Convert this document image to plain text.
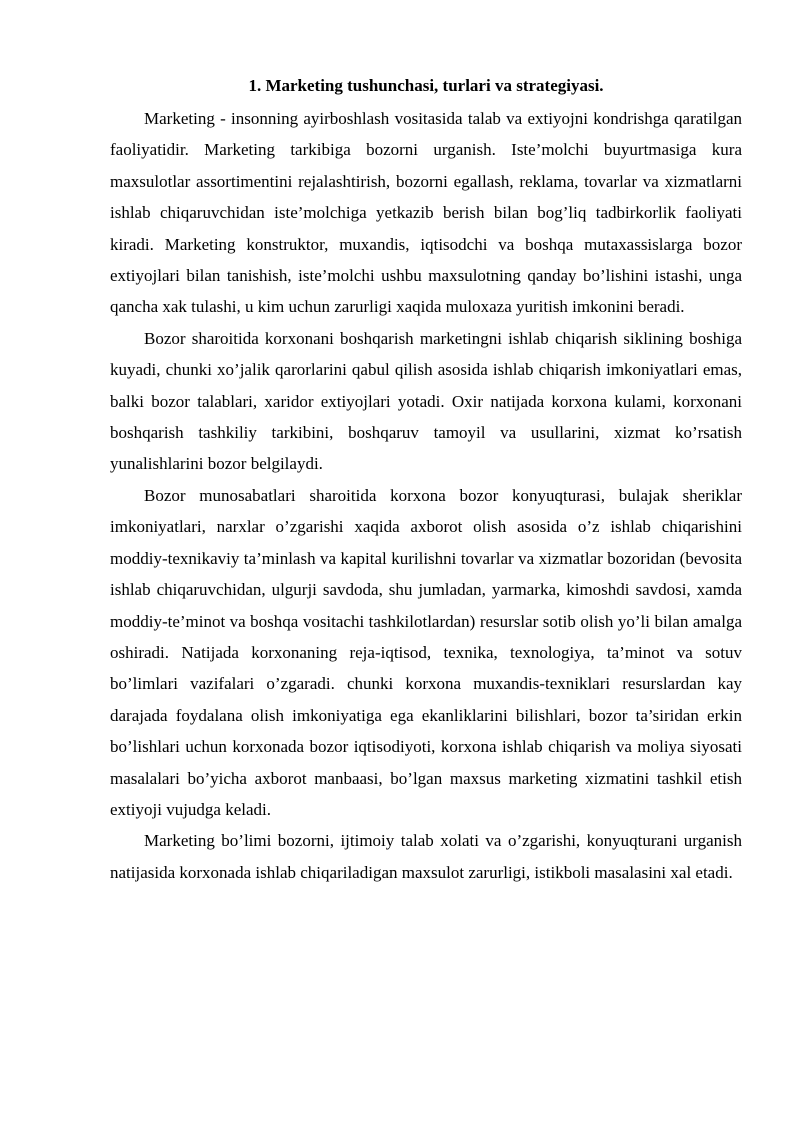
1. Marketing tushunchasi, turlari va strategiyasi.

Marketing - insonning ayirboshlash vositasida talab va extiyojni kondrishga qaratilgan faoliyatidir. Marketing tarkibiga bozorni urganish. Iste’molchi buyurtmasiga kura maxsulotlar assortimentini rejalashtirish, bozorni egallash, reklama, tovarlar va xizmatlarni ishlab chiqaruvchidan iste’molchiga yetkazib berish bilan bog’liq tadbirkorlik faoliyati kiradi. Marketing konstruktor, muxandis, iqtisodchi va boshqa mutaxassislarga bozor extiyojlari bilan tanishish, iste’molchi ushbu maxsulotning qanday bo’lishini istashi, unga qancha xak tulashi, u kim uchun zarurligi xaqida muloxaza yuritish imkonini beradi.

Bozor sharoitida korxonani boshqarish marketingni ishlab chiqarish siklining boshiga kuyadi, chunki xo’jalik qarorlarini qabul qilish asosida ishlab chiqarish imkoniyatlari emas, balki bozor talablari, xaridor extiyojlari yotadi. Oxir natijada korxona kulami, korxonani boshqarish tashkiliy tarkibini, boshqaruv tamoyil va usullarini, xizmat ko’rsatish yunalishlarini bozor belgilaydi.

Bozor munosabatlari sharoitida korxona bozor konyuqturasi, bulajak sheriklar imkoniyatlari, narxlar o’zgarishi xaqida axborot olish asosida o’z ishlab chiqarishini moddiy-texnikaviy ta’minlash va kapital kurilishni tovarlar va xizmatlar bozoridan (bevosita ishlab chiqaruvchidan, ulgurji savdoda, shu jumladan, yarmarka, kimoshdi savdosi, xamda moddiy-te’minot va boshqa vositachi tashkilotlardan) resurslar sotib olish yo’li bilan amalga oshiradi. Natijada korxonaning reja-iqtisod, texnika, texnologiya, ta’minot va sotuv bo’limlari vazifalari o’zgaradi. chunki korxona muxandis-texniklari resurslardan kay darajada foydalana olish imkoniyatiga ega ekanliklarini bilishlari, bozor ta’siridan erkin bo’lishlari uchun korxonada bozor iqtisodiyoti, korxona ishlab chiqarish va moliya siyosati masalalari bo’yicha axborot manbaasi, bo’lgan maxsus marketing xizmatini tashkil etish extiyoji vujudga keladi.

Marketing bo’limi bozorni, ijtimoiy talab xolati va o’zgarishi, konyuqturani urganish natijasida korxonada ishlab chiqariladigan maxsulot zarurligi, istikboli masalasini xal etadi.
